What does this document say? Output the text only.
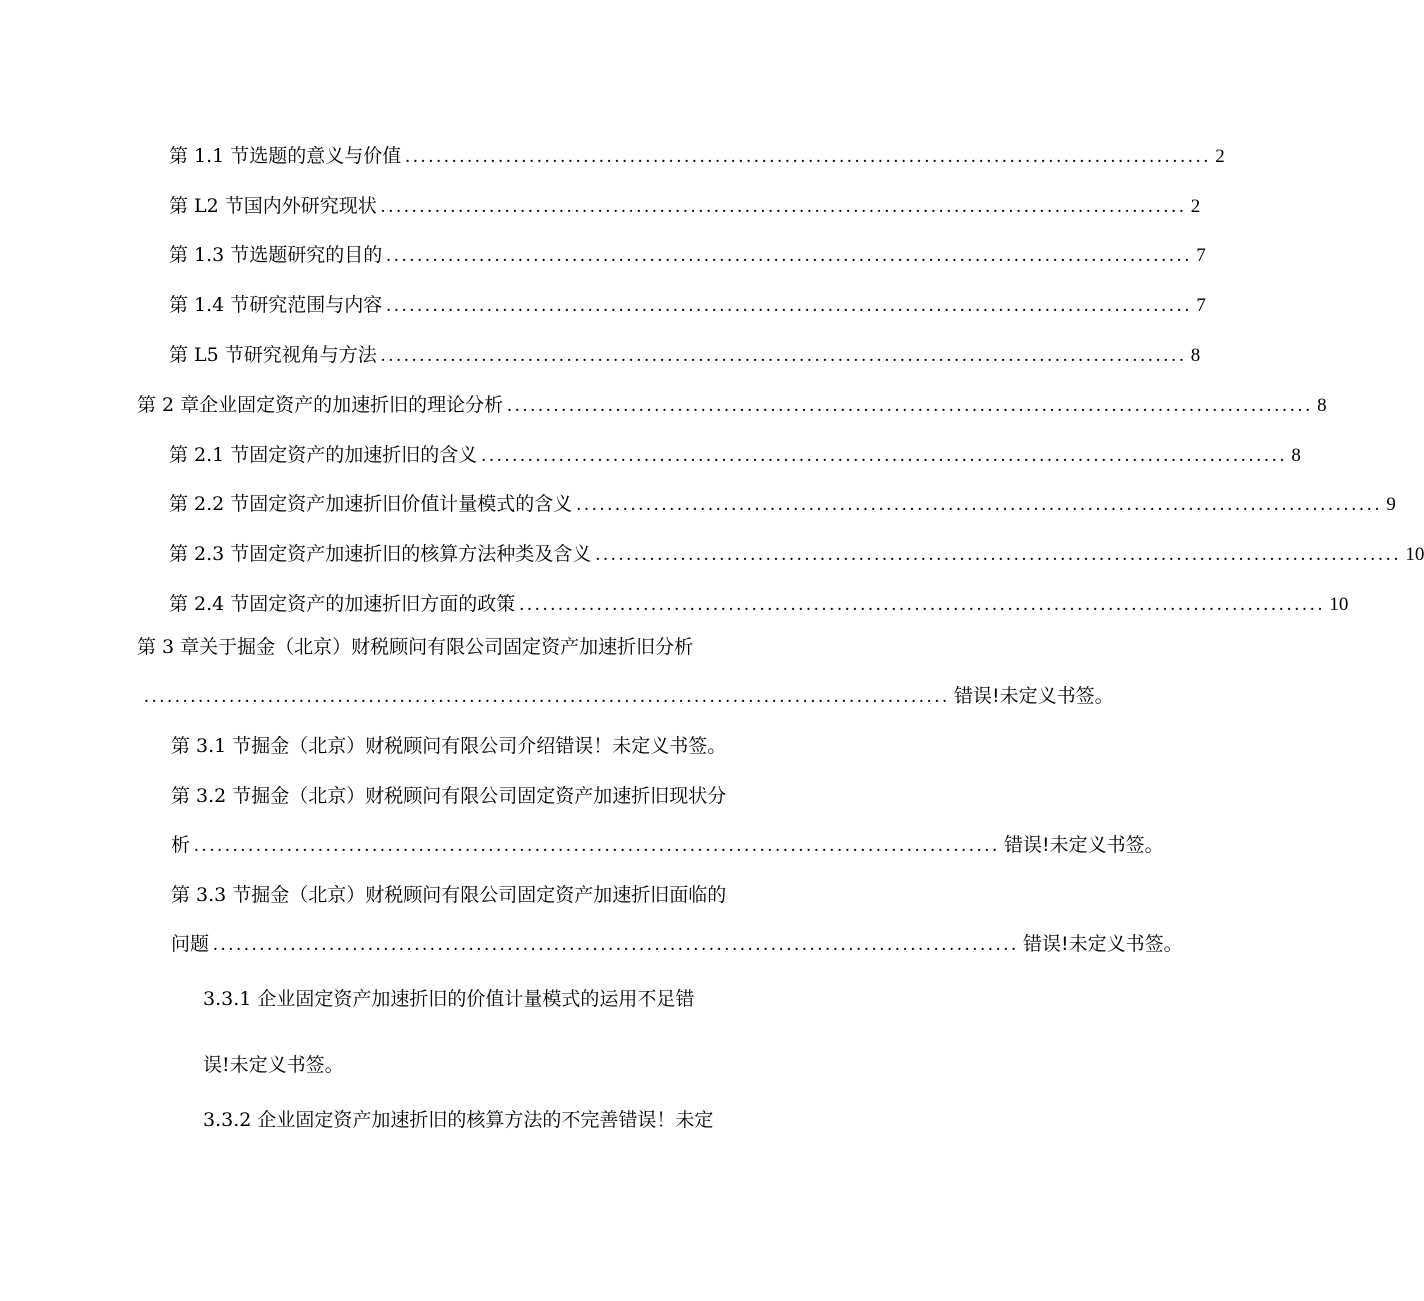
第 1.1 节选题的意义与价值 ........................................................................................................ 2
第 L2 节国内外研究现状 ........................................................................................................ 2
第 1.3 节选题研究的目的 ........................................................................................................ 7
第 1.4 节研究范围与内容 ........................................................................................................ 7
第 L5 节研究视角与方法 ........................................................................................................ 8
第 2 章企业固定资产的加速折旧的理论分析 ........................................................................................................ 8
第 2.1 节 固定资产的加速折旧的含义 ........................................................................................................ 8
第 2.2 节 固定资产加速折旧价值计量模式的含义 ........................................................................................................ 9
第 2.3 节 固定资产加速折旧的核算方法种类及含义 ........................................................................................................ 10
第 2.4 节 固定资产的加速折旧方面的政策 ........................................................................................................ 10
第 3 章关于掘金（北京）财税顾问有限公司固定资产加速折旧分析
........................................................................................................ 错误!未定义书签。
第 3.1 节掘金（北京）财税顾问有限公司介绍错误！未定义书签。
第 3.2 节掘金（北京）财税顾问有限公司固定资产加速折旧现状分
析 ........................................................................................................ 错误!未定义书签。
第 3.3 节掘金（北京）财税顾问有限公司固定资产加速折旧面临的
问题 ........................................................................................................ 错误!未定义书签。
3.3.1 企业固定资产加速折旧的价值计量模式的运用不足错
误!未定义书签。
3.3.2 企业固定资产加速折旧的核算方法的不完善错误！未定
